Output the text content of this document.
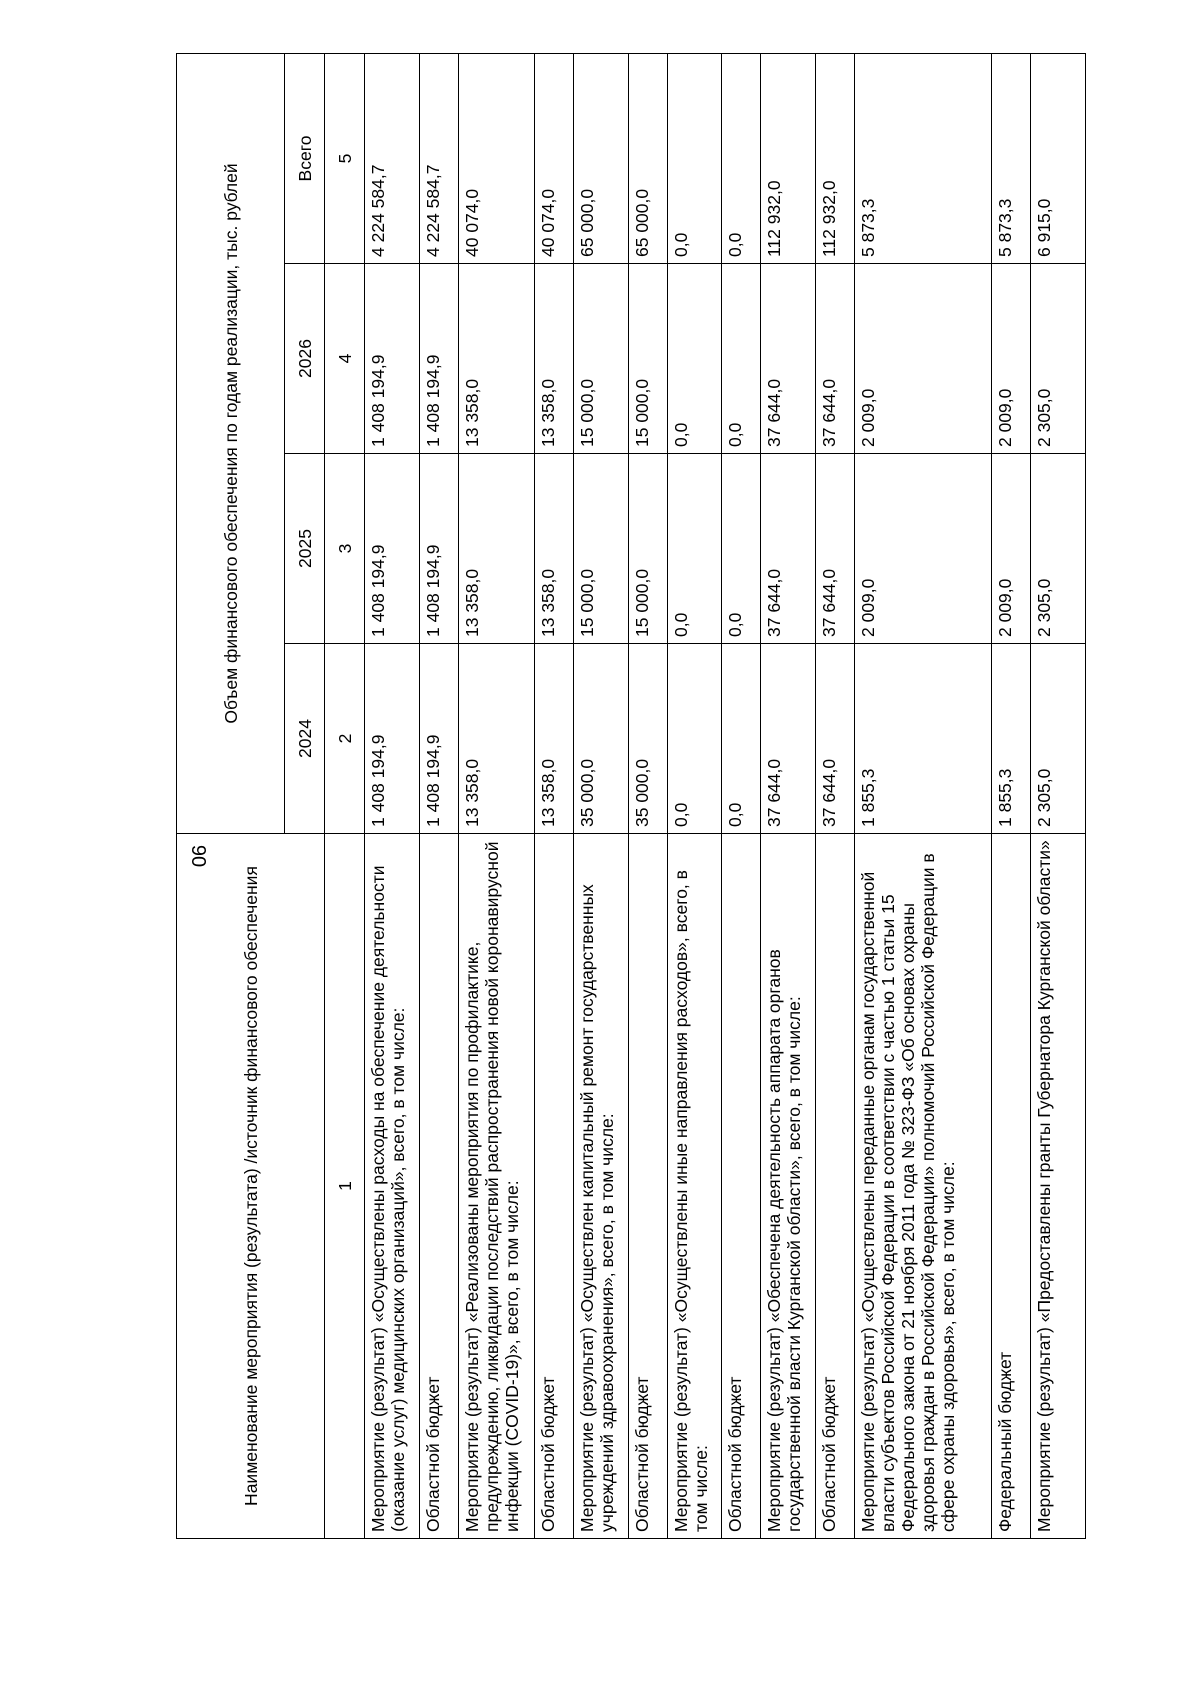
90
Наименование мероприятия (результата) /источник финансового обеспечения	Объем финансового обеспечения по годам реализации, тыс. рублей			
	2024	2025	2026	Всего
1	2	3	4	5
Мероприятие (результат) «Осуществлены расходы на обеспечение деятельности (оказание услуг) медицинских организаций», всего, в том числе:	1 408 194,9	1 408 194,9	1 408 194,9	4 224 584,7
Областной бюджет	1 408 194,9	1 408 194,9	1 408 194,9	4 224 584,7
Мероприятие (результат) «Реализованы мероприятия по профилактике, предупреждению, ликвидации последствий распространения новой коронавирусной инфекции (COVID-19)», всего, в том числе:	13 358,0	13 358,0	13 358,0	40 074,0
Областной бюджет	13 358,0	13 358,0	13 358,0	40 074,0
Мероприятие (результат) «Осуществлен капитальный ремонт государственных учреждений здравоохранения», всего, в том числе:	35 000,0	15 000,0	15 000,0	65 000,0
Областной бюджет	35 000,0	15 000,0	15 000,0	65 000,0
Мероприятие (результат) «Осуществлены иные направления расходов», всего, в том числе:	0,0	0,0	0,0	0,0
Областной бюджет	0,0	0,0	0,0	0,0
Мероприятие (результат) «Обеспечена деятельность аппарата органов государственной власти Курганской области», всего, в том числе:	37 644,0	37 644,0	37 644,0	112 932,0
Областной бюджет	37 644,0	37 644,0	37 644,0	112 932,0
Мероприятие (результат) «Осуществлены переданные органам государственной власти субъектов Российской Федерации в соответствии с частью 1 статьи 15 Федерального закона от 21 ноября 2011 года № 323-ФЗ «Об основах охраны здоровья граждан в Российской Федерации» полномочий Российской Федерации в сфере охраны здоровья», всего, в том числе:	1 855,3	2 009,0	2 009,0	5 873,3
Федеральный бюджет	1 855,3	2 009,0	2 009,0	5 873,3
Мероприятие (результат) «Предоставлены гранты Губернатора Курганской области»	2 305,0	2 305,0	2 305,0	6 915,0
